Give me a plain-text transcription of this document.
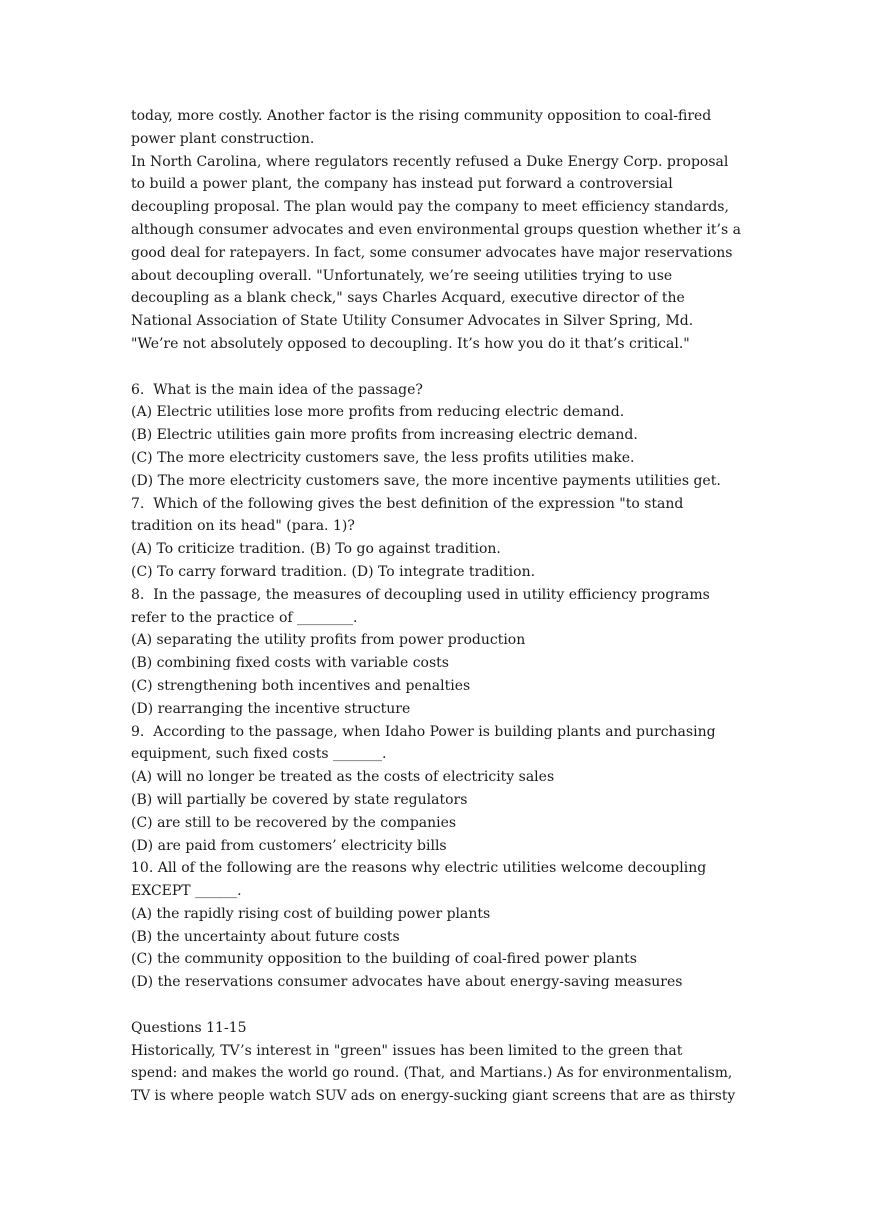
today, more costly. Another factor is the rising community opposition to coal-fired
power plant construction.
In North Carolina, where regulators recently refused a Duke Energy Corp. proposal
to build a power plant, the company has instead put forward a controversial
decoupling proposal. The plan would pay the company to meet efficiency standards,
although consumer advocates and even environmental groups question whether it’s a
good deal for ratepayers. In fact, some consumer advocates have major reservations
about decoupling overall. "Unfortunately, we’re seeing utilities trying to use
decoupling as a blank check," says Charles Acquard, executive director of the
National Association of State Utility Consumer Advocates in Silver Spring, Md.
"We’re not absolutely opposed to decoupling. It’s how you do it that’s critical."
6.  What is the main idea of the passage?
(A) Electric utilities lose more profits from reducing electric demand.
(B) Electric utilities gain more profits from increasing electric demand.
(C) The more electricity customers save, the less profits utilities make.
(D) The more electricity customers save, the more incentive payments utilities get.
7.  Which of the following gives the best definition of the expression "to stand
tradition on its head" (para. 1)?
(A) To criticize tradition. (B) To go against tradition.
(C) To carry forward tradition. (D) To integrate tradition.
8.  In the passage, the measures of decoupling used in utility efficiency programs
refer to the practice of ________.
(A) separating the utility profits from power production
(B) combining fixed costs with variable costs
(C) strengthening both incentives and penalties
(D) rearranging the incentive structure
9.  According to the passage, when Idaho Power is building plants and purchasing
equipment, such fixed costs _______.
(A) will no longer be treated as the costs of electricity sales
(B) will partially be covered by state regulators
(C) are still to be recovered by the companies
(D) are paid from customers’ electricity bills
10. All of the following are the reasons why electric utilities welcome decoupling
EXCEPT ______.
(A) the rapidly rising cost of building power plants
(B) the uncertainty about future costs
(C) the community opposition to the building of coal-fired power plants
(D) the reservations consumer advocates have about energy-saving measures
Questions 11-15
Historically, TV’s interest in "green" issues has been limited to the green that
spend: and makes the world go round. (That, and Martians.) As for environmentalism,
TV is where people watch SUV ads on energy-sucking giant screens that are as thirsty
